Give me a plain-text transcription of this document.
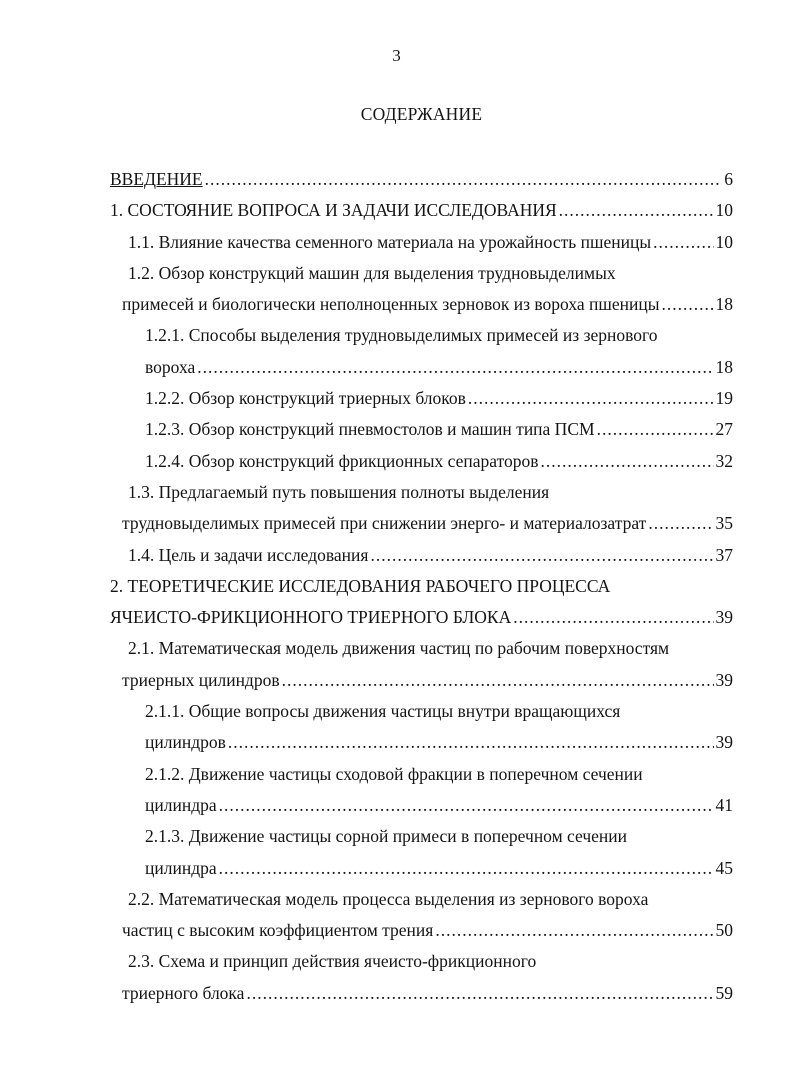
3
СОДЕРЖАНИЕ
ВВЕДЕНИЕ .....	6
1. СОСТОЯНИЕ ВОПРОСА И ЗАДАЧИ ИССЛЕДОВАНИЯ .....	10
1.1. Влияние качества семенного материала на урожайность пшеницы .....	10
1.2. Обзор конструкций машин для выделения трудновыделимых
примесей и биологически неполноценных зерновок из вороха пшеницы .....	18
1.2.1. Способы выделения трудновыделимых примесей из зернового
вороха .....	18
1.2.2. Обзор конструкций триерных блоков .....	19
1.2.3. Обзор конструкций пневмостолов и машин типа ПСМ .....	27
1.2.4. Обзор конструкций фрикционных сепараторов .....	32
1.3. Предлагаемый путь повышения полноты выделения
трудновыделимых примесей при снижении энерго- и материалозатрат .....	35
1.4. Цель и задачи исследования .....	37
2. ТЕОРЕТИЧЕСКИЕ ИССЛЕДОВАНИЯ РАБОЧЕГО ПРОЦЕССА
ЯЧЕИСТО-ФРИКЦИОННОГО ТРИЕРНОГО БЛОКА .....	39
2.1. Математическая модель движения частиц по рабочим поверхностям
триерных цилиндров .....	39
2.1.1. Общие вопросы движения частицы внутри вращающихся
цилиндров .....	39
2.1.2. Движение частицы сходовой фракции в поперечном сечении
цилиндра .....	41
2.1.3. Движение частицы сорной примеси в поперечном сечении
цилиндра .....	45
2.2. Математическая модель процесса выделения из зернового вороха
частиц с высоким коэффициентом трения .....	50
2.3. Схема и принцип действия ячеисто-фрикционного
триерного блока .....	59
